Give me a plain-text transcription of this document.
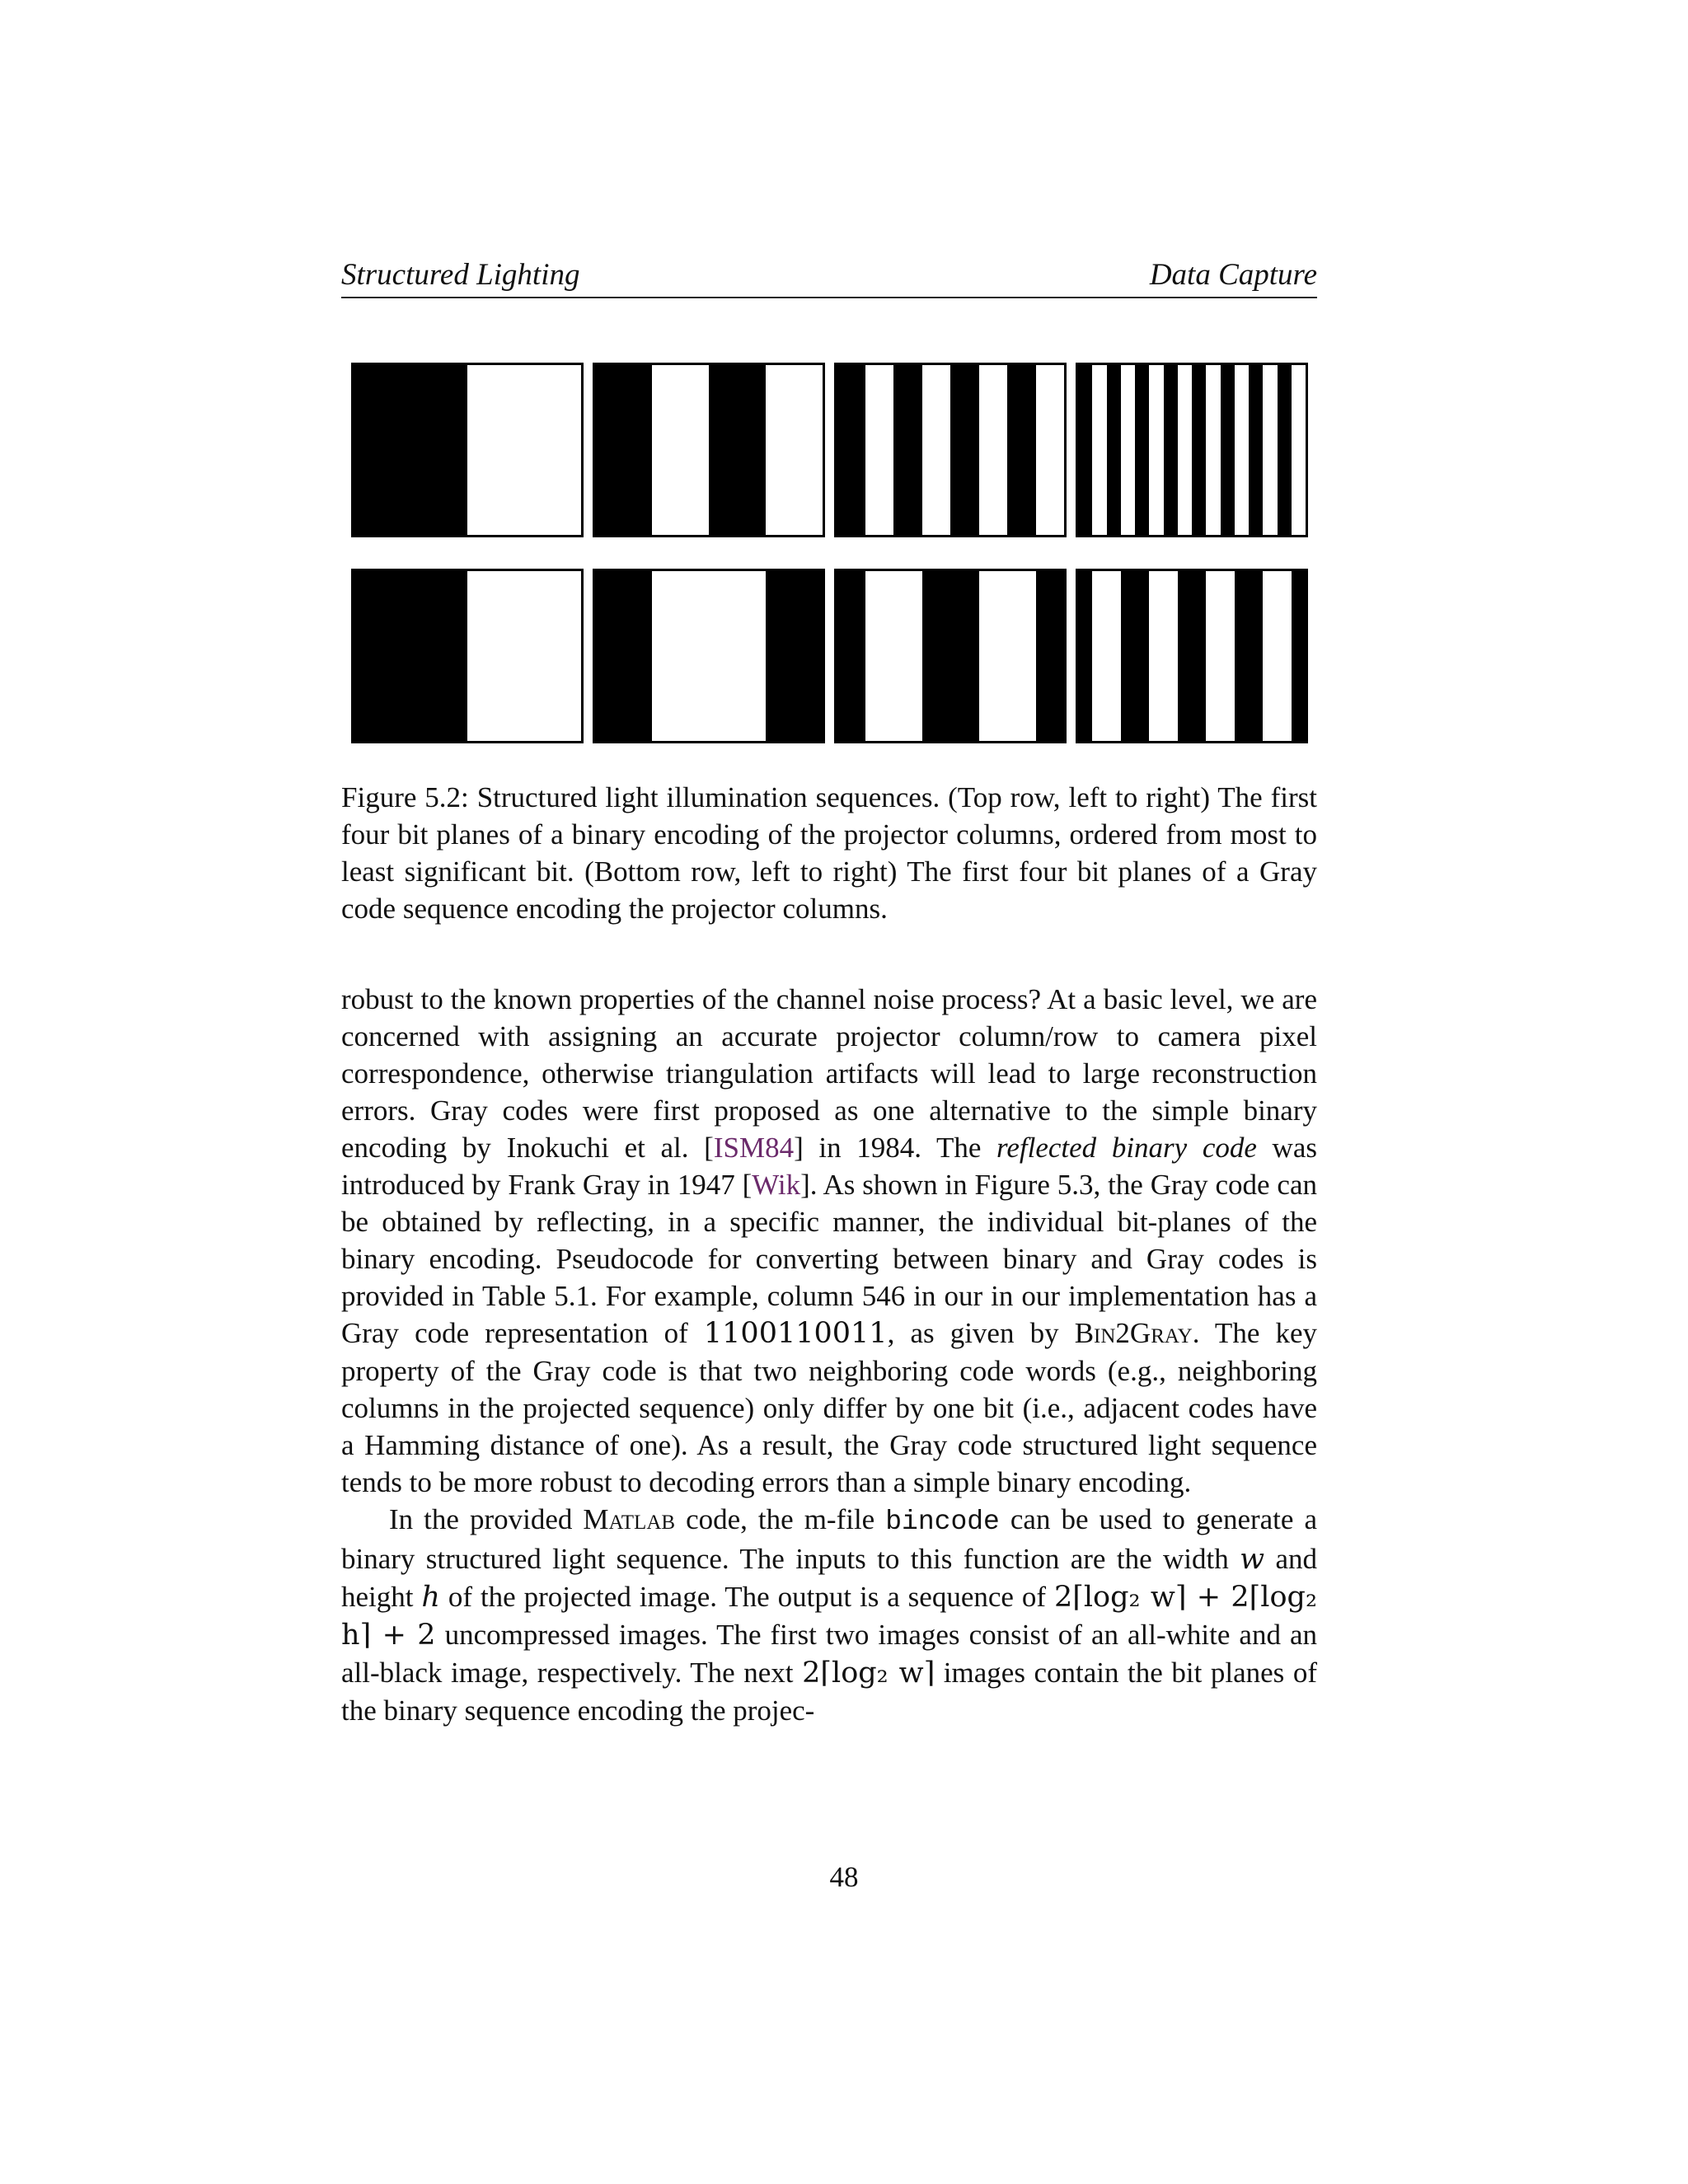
Structured Lighting	Data Capture

Figure 5.2: Structured light illumination sequences. (Top row, left to right) The first four bit planes of a binary encoding of the projector columns, ordered from most to least significant bit. (Bottom row, left to right) The first four bit planes of a Gray code sequence encoding the projector columns.

robust to the known properties of the channel noise process? At a basic level, we are concerned with assigning an accurate projector column/row to camera pixel correspondence, otherwise triangulation artifacts will lead to large reconstruction errors. Gray codes were first proposed as one alternative to the simple binary encoding by Inokuchi et al. [ISM84] in 1984. The reflected binary code was introduced by Frank Gray in 1947 [Wik]. As shown in Figure 5.3, the Gray code can be obtained by reflecting, in a specific manner, the individual bit-planes of the binary encoding. Pseudocode for converting between binary and Gray codes is provided in Table 5.1. For example, column 546 in our in our implementation has a Gray code representation of 1100110011, as given by Bin2Gray. The key property of the Gray code is that two neighboring code words (e.g., neighboring columns in the projected sequence) only differ by one bit (i.e., adjacent codes have a Hamming distance of one). As a result, the Gray code structured light sequence tends to be more robust to decoding errors than a simple binary encoding.

In the provided Matlab code, the m-file bincode can be used to generate a binary structured light sequence. The inputs to this function are the width w and height h of the projected image. The output is a sequence of 2⌈log₂ w⌉ + 2⌈log₂ h⌉ + 2 uncompressed images. The first two images consist of an all-white and an all-black image, respectively. The next 2⌈log₂ w⌉ images contain the bit planes of the binary sequence encoding the projec-

48
